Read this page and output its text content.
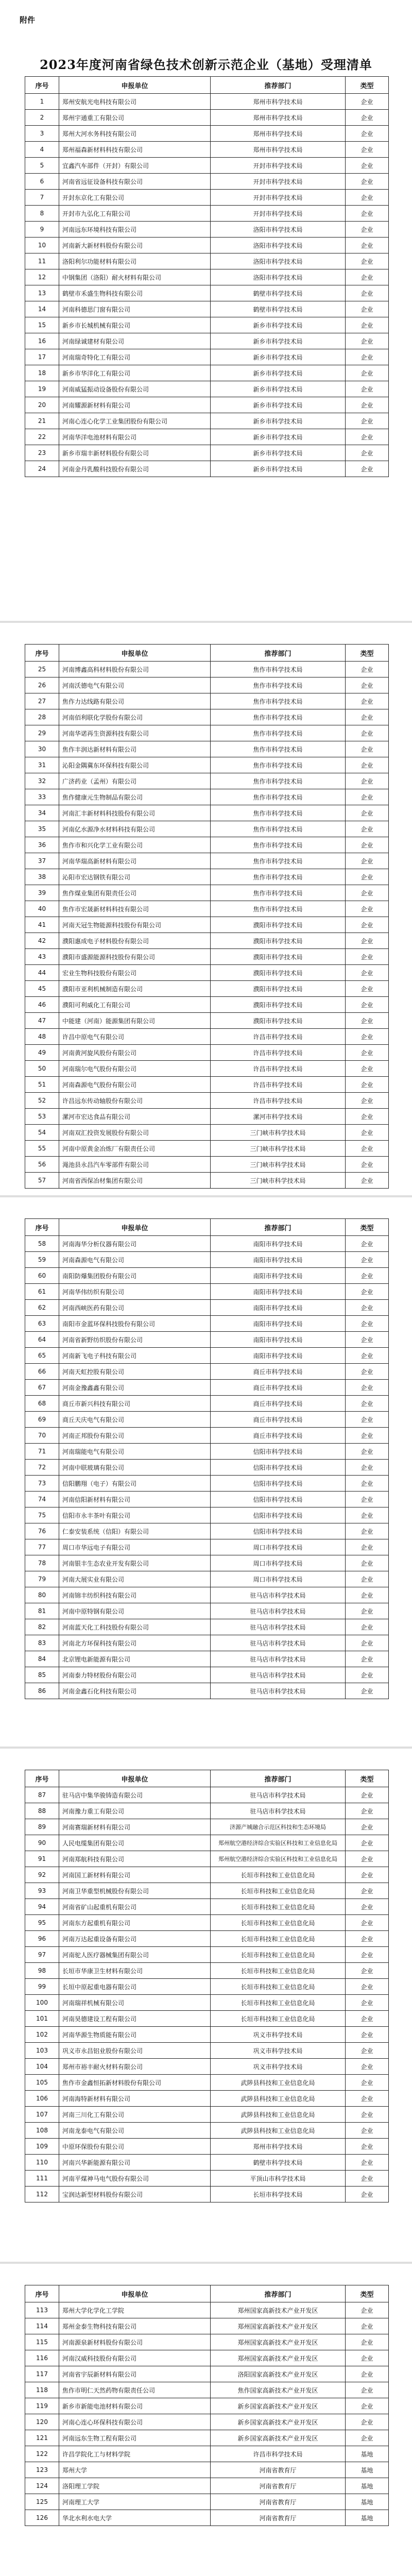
附件
2023年度河南省绿色技术创新示范企业（基地）受理清单
序号	申报单位	推荐部门	类型
1	郑州安航光电科技有限公司	郑州市科学技术局	企业
2	郑州宇通重工有限公司	郑州市科学技术局	企业
3	郑州大河水务科技有限公司	郑州市科学技术局	企业
4	郑州福森新材料科技有限公司	郑州市科学技术局	企业
5	宜鑫汽车部件（开封）有限公司	开封市科学技术局	企业
6	河南省远征设备科技有限公司	开封市科学技术局	企业
7	开封东京化工有限公司	开封市科学技术局	企业
8	开封市九弘化工有限公司	开封市科学技术局	企业
9	河南远东环境科技有限公司	洛阳市科学技术局	企业
10	河南新大新材料股份有限公司	洛阳市科学技术局	企业
11	洛阳利尔功能材料有限公司	洛阳市科学技术局	企业
12	中钢集团（洛阳）耐火材料有限公司	洛阳市科学技术局	企业
13	鹤壁市禾盛生物科技有限公司	鹤壁市科学技术局	企业
14	河南科德思门窗有限公司	鹤壁市科学技术局	企业
15	新乡市长城机械有限公司	新乡市科学技术局	企业
16	河南绿诚建材有限公司	新乡市科学技术局	企业
17	河南瑞奇特化工有限公司	新乡市科学技术局	企业
18	新乡市华洋化工有限公司	新乡市科学技术局	企业
19	河南威猛振动设备股份有限公司	新乡市科学技术局	企业
20	河南耀源新材料有限公司	新乡市科学技术局	企业
21	河南心连心化学工业集团股份有限公司	新乡市科学技术局	企业
22	河南华洋电池材料有限公司	新乡市科学技术局	企业
23	新乡市瑞丰新材料股份有限公司	新乡市科学技术局	企业
24	河南金丹乳酸科技股份有限公司	新乡市科学技术局	企业
序号	申报单位	推荐部门	类型
25	河南博鑫高科材料股份有限公司	焦作市科学技术局	企业
26	河南沃德电气有限公司	焦作市科学技术局	企业
27	焦作力达线路有限公司	焦作市科学技术局	企业
28	河南佰利联化学股份有限公司	焦作市科学技术局	企业
29	河南华诺再生资源科技有限公司	焦作市科学技术局	企业
30	焦作丰润达新材料有限公司	焦作市科学技术局	企业
31	沁阳金隅冀东环保科技有限公司	焦作市科学技术局	企业
32	广济药业（孟州）有限公司	焦作市科学技术局	企业
33	焦作健康元生物制品有限公司	焦作市科学技术局	企业
34	河南汇丰新材料科技股份有限公司	焦作市科学技术局	企业
35	河南亿水源净水材料科技有限公司	焦作市科学技术局	企业
36	焦作市和兴化学工业有限公司	焦作市科学技术局	企业
37	河南华瑞高新材料有限公司	焦作市科学技术局	企业
38	沁阳市宏达钢铁有限公司	焦作市科学技术局	企业
39	焦作煤业集团有限责任公司	焦作市科学技术局	企业
40	焦作市宏晟新材料科技有限公司	焦作市科学技术局	企业
41	河南天冠生物能源科技股份有限公司	濮阳市科学技术局	企业
42	濮阳惠成电子材料股份有限公司	濮阳市科学技术局	企业
43	濮阳市盛源能源科技股份有限公司	濮阳市科学技术局	企业
44	宏业生物科技股份有限公司	濮阳市科学技术局	企业
45	濮阳市亚利机械制造有限公司	濮阳市科学技术局	企业
46	濮阳可利威化工有限公司	濮阳市科学技术局	企业
47	中能建（河南）能源集团有限公司	濮阳市科学技术局	企业
48	许昌中原电气有限公司	许昌市科学技术局	企业
49	河南黄河旋风股份有限公司	许昌市科学技术局	企业
50	河南瑞尔电气股份有限公司	许昌市科学技术局	企业
51	河南森源电气股份有限公司	许昌市科学技术局	企业
52	许昌远东传动轴股份有限公司	许昌市科学技术局	企业
53	漯河市宏达食品有限公司	漯河市科学技术局	企业
54	河南双汇投资发展股份有限公司	三门峡市科学技术局	企业
55	河南中原黄金冶炼厂有限责任公司	三门峡市科学技术局	企业
56	渑池县永昌汽车零部件有限公司	三门峡市科学技术局	企业
57	河南省西保冶材集团有限公司	三门峡市科学技术局	企业
序号	申报单位	推荐部门	类型
58	河南海华分析仪器有限公司	南阳市科学技术局	企业
59	河南森源电气有限公司	南阳市科学技术局	企业
60	南阳防爆集团股份有限公司	南阳市科学技术局	企业
61	河南华伟纺织有限公司	南阳市科学技术局	企业
62	河南西峡医药有限公司	南阳市科学技术局	企业
63	南阳市金蓝环保科技股份有限公司	南阳市科学技术局	企业
64	河南省新野纺织股份有限公司	南阳市科学技术局	企业
65	河南新飞电子科技有限公司	南阳市科学技术局	企业
66	河南天虹控股有限公司	商丘市科学技术局	企业
67	河南金豫鑫鑫有限公司	商丘市科学技术局	企业
68	商丘市新兴科技有限公司	商丘市科学技术局	企业
69	商丘天庆电气有限公司	商丘市科学技术局	企业
70	河南正邦股份有限公司	商丘市科学技术局	企业
71	河南瑞能电气有限公司	信阳市科学技术局	企业
72	河南中联玻璃有限公司	信阳市科学技术局	企业
73	信阳鹏翔（电子）有限公司	信阳市科学技术局	企业
74	河南信阳新材料有限公司	信阳市科学技术局	企业
75	信阳市永丰茶叶有限公司	信阳市科学技术局	企业
76	仁泰安装系统（信阳）有限公司	信阳市科学技术局	企业
77	周口市华远电子有限公司	周口市科学技术局	企业
78	河南银丰生态农业开发有限公司	周口市科学技术局	企业
79	河南大展实业有限公司	周口市科学技术局	企业
80	河南锦丰纺织科技有限公司	驻马店市科学技术局	企业
81	河南中原特钢有限公司	驻马店市科学技术局	企业
82	河南蓝天化工科技股份有限公司	驻马店市科学技术局	企业
83	河南北方环保科技有限公司	驻马店市科学技术局	企业
84	北京锂电新能源有限公司	驻马店市科学技术局	企业
85	河南泰力特材股份有限公司	驻马店市科学技术局	企业
86	河南金鑫石化科技有限公司	驻马店市科学技术局	企业
序号	申报单位	推荐部门	类型
87	驻马店中集华骏铸造有限公司	驻马店市科学技术局	企业
88	河南豫力重工有限公司	驻马店市科学技术局	企业
89	河南赛瑞新材料有限公司	济源产城融合示范区科技和生态环境局	企业
90	人民电缆集团有限公司	郑州航空港经济综合实验区科技和工业信息化局	企业
91	河南郑航科技有限公司	郑州航空港经济综合实验区科技和工业信息化局	企业
92	河南国工新材料有限公司	长垣市科技和工业信息化局	企业
93	河南卫华重型机械股份有限公司	长垣市科技和工业信息化局	企业
94	河南省矿山起重机有限公司	长垣市科技和工业信息化局	企业
95	河南东方起重机有限公司	长垣市科技和工业信息化局	企业
96	河南万达起重设备有限公司	长垣市科技和工业信息化局	企业
97	河南驼人医疗器械集团有限公司	长垣市科技和工业信息化局	企业
98	长垣市华康卫生材料有限公司	长垣市科技和工业信息化局	企业
99	长垣中原起重电器有限公司	长垣市科技和工业信息化局	企业
100	河南瑞祥机械有限公司	长垣市科技和工业信息化局	企业
101	河南昊德建设工程有限公司	长垣市科技和工业信息化局	企业
102	河南华源生物质能有限公司	巩义市科学技术局	企业
103	巩义市永昌铝业股份有限公司	巩义市科学技术局	企业
104	郑州市裕丰耐火材料有限公司	巩义市科学技术局	企业
105	焦作市金鑫恒拓新材料股份有限公司	武陟县科技和工业信息化局	企业
106	河南海特新材料有限公司	武陟县科技和工业信息化局	企业
107	河南三川化工有限公司	武陟县科技和工业信息化局	企业
108	河南龙泰电气有限公司	武陟县科技和工业信息化局	企业
109	中原环保股份有限公司	郑州市科学技术局	企业
110	河南兴华新能源有限公司	鹤壁市科学技术局	企业
111	河南平煤神马电气股份有限公司	平顶山市科学技术局	企业
112	宝润达新型材料股份有限公司	长垣市科学技术局	企业
序号	申报单位	推荐部门	类型
113	郑州大学化学化工学院	郑州国家高新技术产业开发区	企业
114	郑州金泰生物科技有限公司	郑州国家高新技术产业开发区	企业
115	河南源泉新材料股份有限公司	郑州国家高新技术产业开发区	企业
116	河南汉威科技股份有限公司	郑州国家高新技术产业开发区	企业
117	河南省宇辰新材料有限公司	洛阳国家高新技术产业开发区	企业
118	焦作市明仁天然药物有限责任公司	焦作国家高新技术产业开发区	企业
119	新乡市新能电池材料有限公司	新乡国家高新技术产业开发区	企业
120	河南心连心环保科技有限公司	新乡国家高新技术产业开发区	企业
121	河南远东生物工程有限公司	新乡国家高新技术产业开发区	企业
122	许昌学院化工与材料学院	许昌市科学技术局	基地
123	郑州大学	河南省教育厅	基地
124	洛阳理工学院	河南省教育厅	基地
125	河南理工大学	河南省教育厅	基地
126	华北水利水电大学	河南省教育厅	基地
